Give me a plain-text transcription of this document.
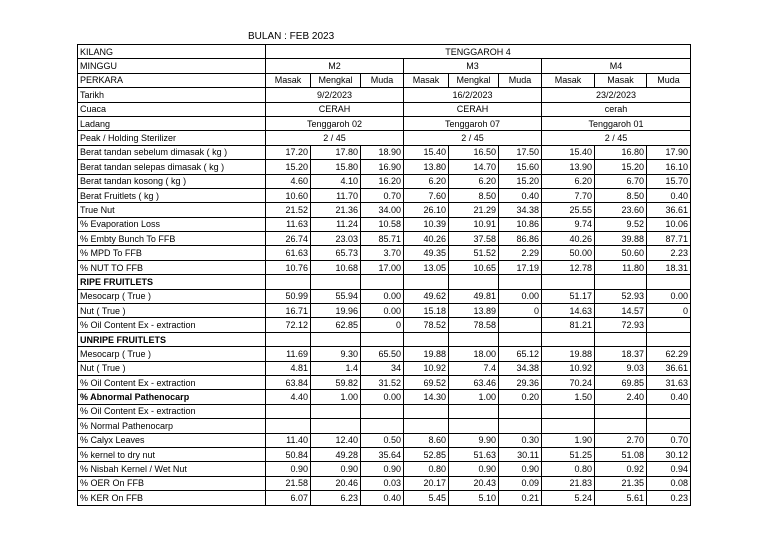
BULAN : FEB 2023
KILANG	TENGGAROH 4								
MINGGU	M2			M3			M4		
PERKARA	Masak	Mengkal	Muda	Masak	Mengkal	Muda	Masak	Masak	Muda
Tarikh	9/2/2023			16/2/2023			23/2/2023		
Cuaca	CERAH			CERAH			cerah		
Ladang	Tenggaroh 02			Tenggaroh 07			Tenggaroh 01		
Peak / Holding Sterilizer	2 / 45			2 / 45			2 / 45		
Berat tandan sebelum dimasak ( kg )	17.20	17.80	18.90	15.40	16.50	17.50	15.40	16.80	17.90
Berat tandan selepas dimasak ( kg )	15.20	15.80	16.90	13.80	14.70	15.60	13.90	15.20	16.10
Berat tandan kosong ( kg )	4.60	4.10	16.20	6.20	6.20	15.20	6.20	6.70	15.70
Berat Fruitlets ( kg )	10.60	11.70	0.70	7.60	8.50	0.40	7.70	8.50	0.40
True Nut	21.52	21.36	34.00	26.10	21.29	34.38	25.55	23.60	36.61
% Evaporation Loss	11.63	11.24	10.58	10.39	10.91	10.86	9.74	9.52	10.06
% Embty Bunch To FFB	26.74	23.03	85.71	40.26	37.58	86.86	40.26	39.88	87.71
% MPD To FFB	61.63	65.73	3.70	49.35	51.52	2.29	50.00	50.60	2.23
% NUT TO FFB	10.76	10.68	17.00	13.05	10.65	17.19	12.78	11.80	18.31
RIPE FRUITLETS									
Mesocarp ( True )	50.99	55.94	0.00	49.62	49.81	0.00	51.17	52.93	0.00
Nut ( True )	16.71	19.96	0.00	15.18	13.89	0	14.63	14.57	0
% Oil Content Ex - extraction	72.12	62.85	0	78.52	78.58		81.21	72.93	
UNRIPE FRUITLETS									
Mesocarp ( True )	11.69	9.30	65.50	19.88	18.00	65.12	19.88	18.37	62.29
Nut ( True )	4.81	1.4	34	10.92	7.4	34.38	10.92	9.03	36.61
% Oil Content Ex - extraction	63.84	59.82	31.52	69.52	63.46	29.36	70.24	69.85	31.63
% Abnormal Pathenocarp	4.40	1.00	0.00	14.30	1.00	0.20	1.50	2.40	0.40
% Oil Content Ex - extraction									
% Normal Pathenocarp									
% Calyx Leaves	11.40	12.40	0.50	8.60	9.90	0.30	1.90	2.70	0.70
% kernel to dry nut	50.84	49.28	35.64	52.85	51.63	30.11	51.25	51.08	30.12
% Nisbah Kernel / Wet Nut	0.90	0.90	0.90	0.80	0.90	0.90	0.80	0.92	0.94
% OER On FFB	21.58	20.46	0.03	20.17	20.43	0.09	21.83	21.35	0.08
% KER On FFB	6.07	6.23	0.40	5.45	5.10	0.21	5.24	5.61	0.23
